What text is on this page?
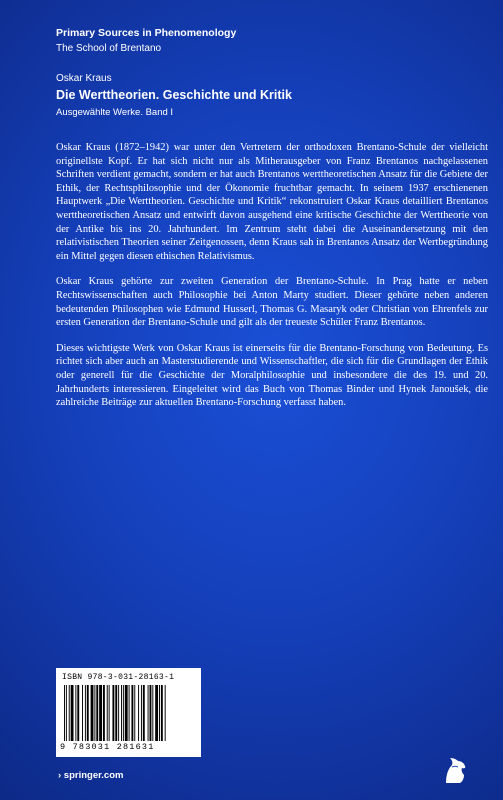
Primary Sources in Phenomenology
The School of Brentano
Oskar Kraus
Die Werttheorien. Geschichte und Kritik
Ausgewählte Werke. Band I

Oskar Kraus (1872–1942) war unter den Vertretern der orthodoxen Brentano-Schule der vielleicht originellste Kopf. Er hat sich nicht nur als Mitherausgeber von Franz Brentanos nachgelassenen Schriften verdient gemacht, sondern er hat auch Brentanos werttheoretischen Ansatz für die Gebiete der Ethik, der Rechtsphilosophie und der Ökonomie fruchtbar gemacht. In seinem 1937 erschienenen Hauptwerk „Die Werttheorien. Geschichte und Kritik“ rekonstruiert Oskar Kraus detailliert Brentanos werttheoretischen Ansatz und entwirft davon ausgehend eine kritische Geschichte der Werttheorie von der Antike bis ins 20. Jahrhundert. Im Zentrum steht dabei die Auseinandersetzung mit den relativistischen Theorien seiner Zeitgenossen, denn Kraus sah in Brentanos Ansatz der Wertbegründung ein Mittel gegen diesen ethischen Relativismus.

Oskar Kraus gehörte zur zweiten Generation der Brentano-Schule. In Prag hatte er neben Rechtswissenschaften auch Philosophie bei Anton Marty studiert. Dieser gehörte neben anderen bedeutenden Philosophen wie Edmund Husserl, Thomas G. Masaryk oder Christian von Ehrenfels zur ersten Generation der Brentano-Schule und gilt als der treueste Schüler Franz Brentanos.

Dieses wichtigste Werk von Oskar Kraus ist einerseits für die Brentano-Forschung von Bedeutung. Es richtet sich aber auch an Masterstudierende und Wissenschaftler, die sich für die Grundlagen der Ethik oder generell für die Geschichte der Moralphilosophie und insbesondere die des 19. und 20. Jahrhunderts interessieren. Eingeleitet wird das Buch von Thomas Binder und Hynek Janoušek, die zahlreiche Beiträge zur aktuellen Brentano-Forschung verfasst haben.

ISBN 978-3-031-28163-1
9 783031 281631
› springer.com
